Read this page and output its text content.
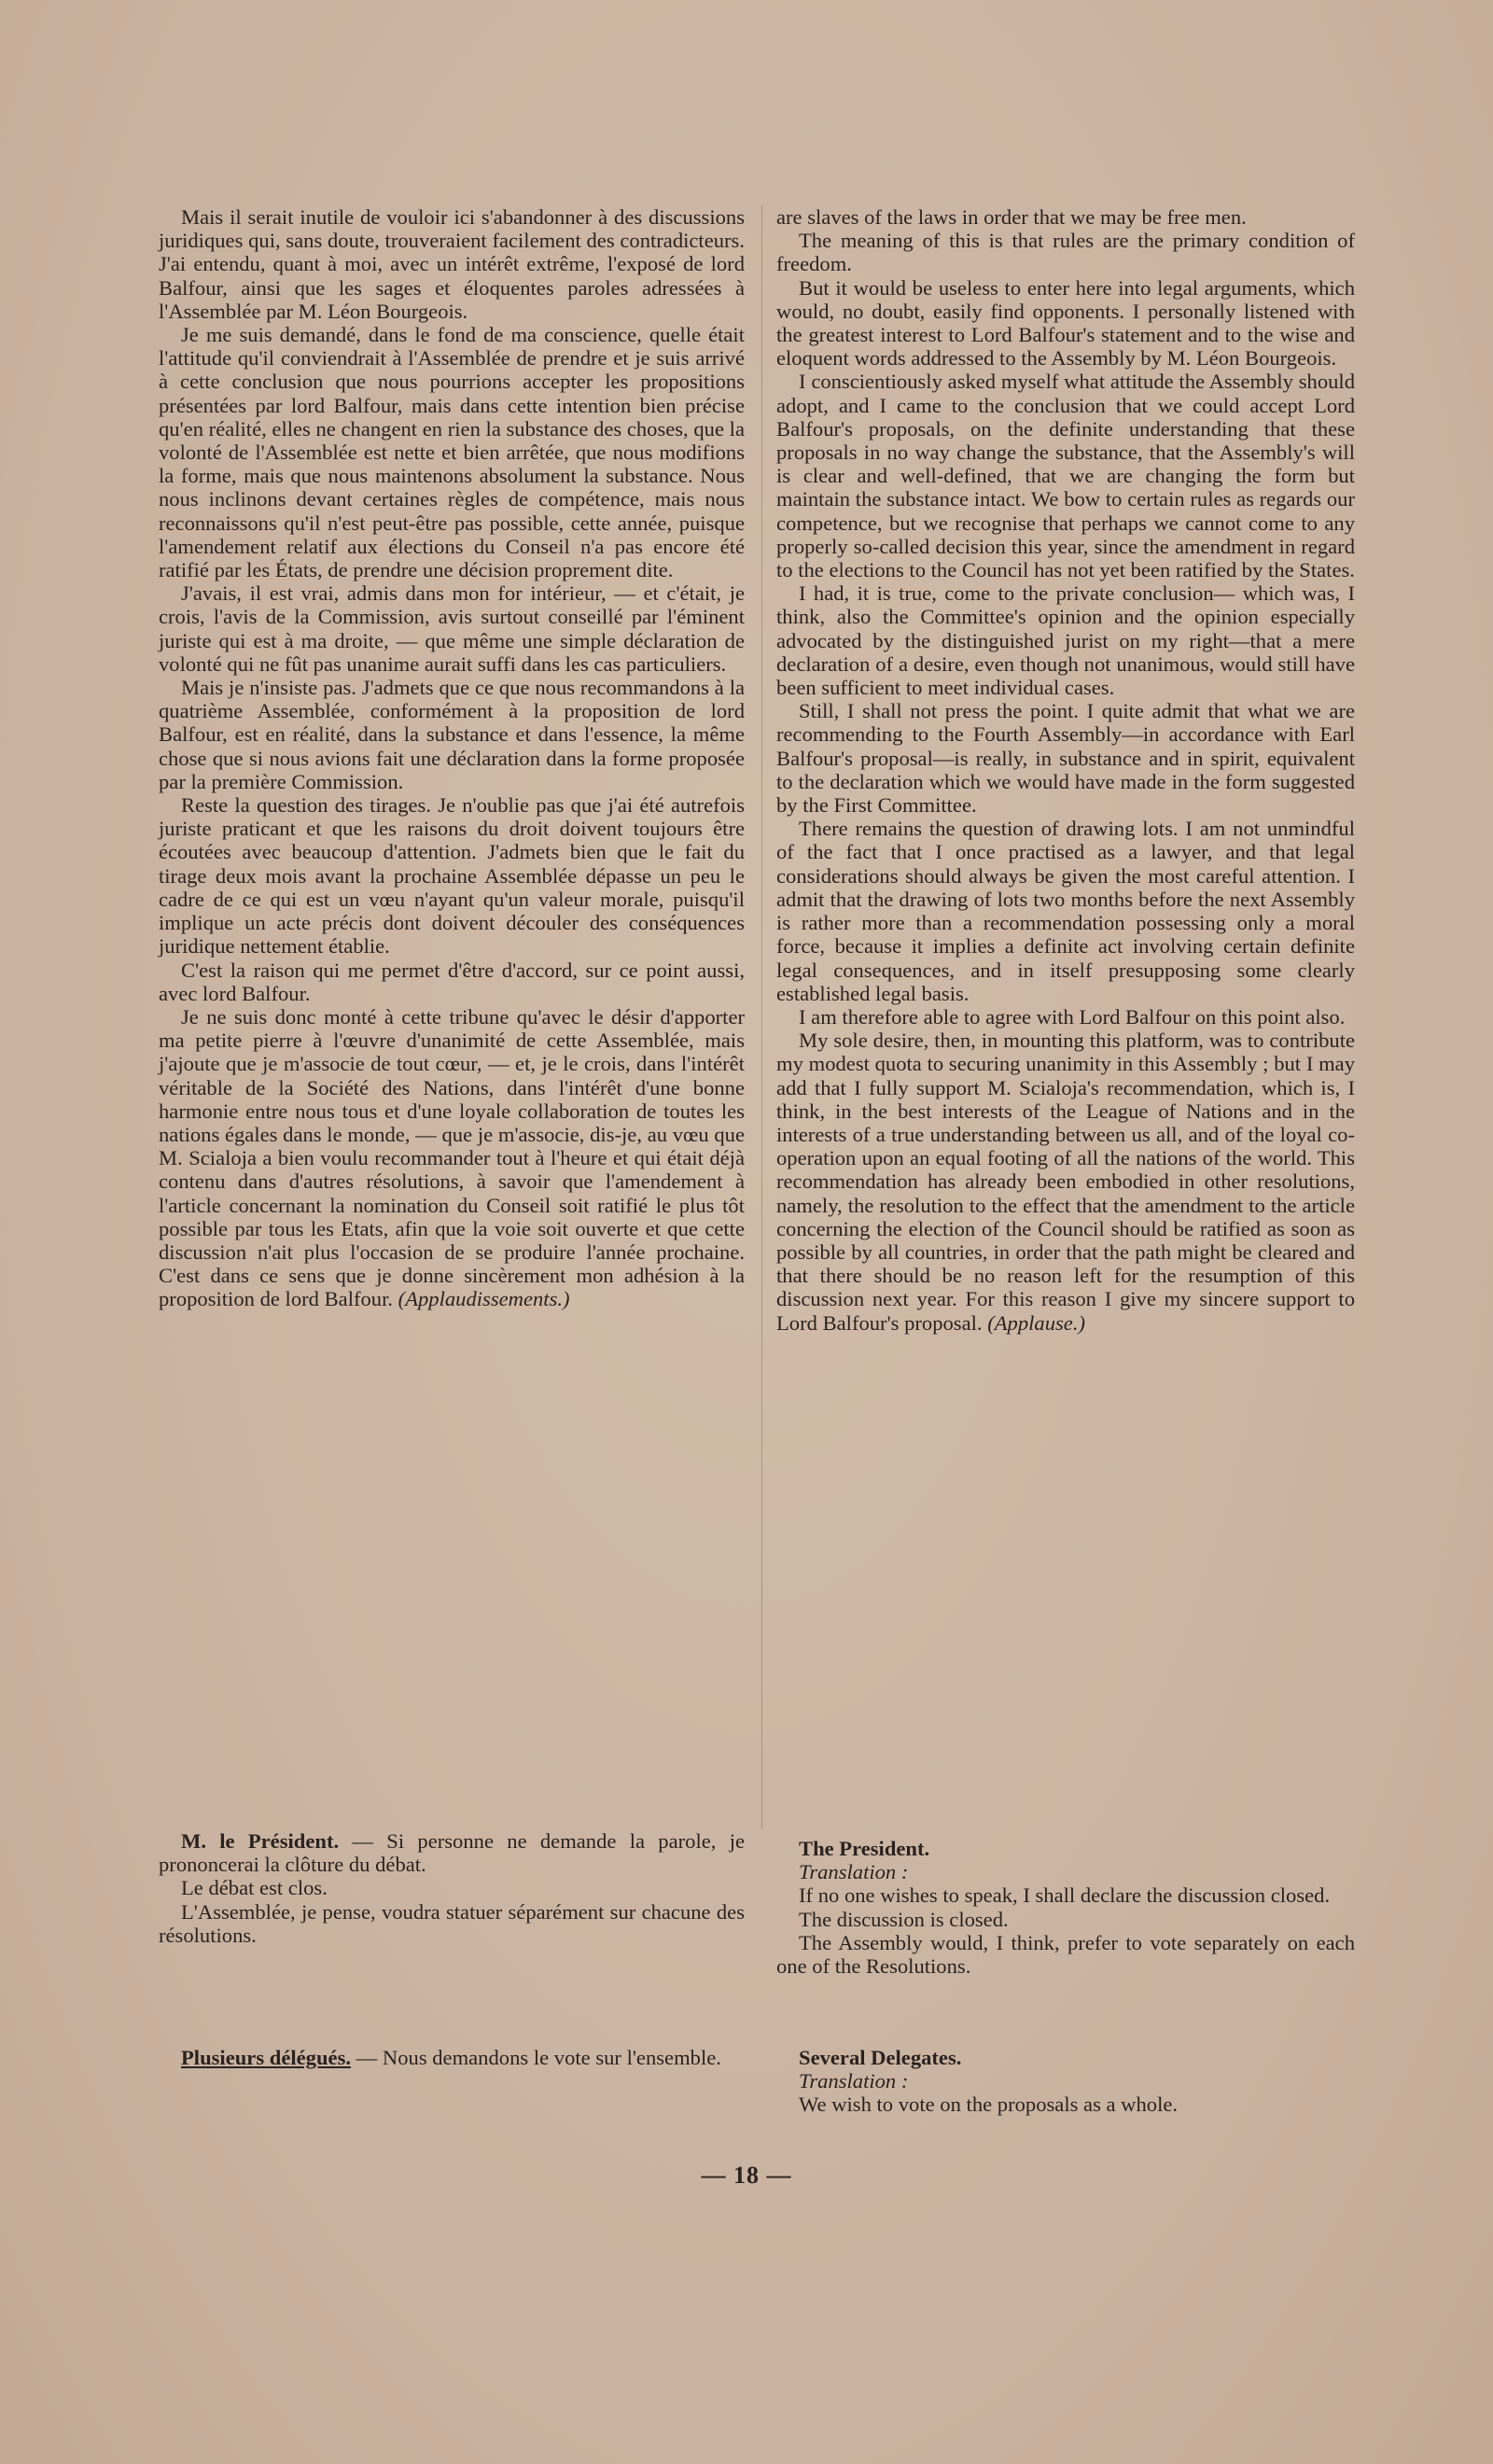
Mais il serait inutile de vouloir ici s'abandonner à des discussions juridiques qui, sans doute, trouveraient facilement des contradicteurs. J'ai entendu, quant à moi, avec un intérêt extrême, l'exposé de lord Balfour, ainsi que les sages et éloquentes paroles adressées à l'Assemblée par M. Léon Bourgeois.

Je me suis demandé, dans le fond de ma conscience, quelle était l'attitude qu'il conviendrait à l'Assemblée de prendre et je suis arrivé à cette conclusion que nous pourrions accepter les propositions présentées par lord Balfour, mais dans cette intention bien précise qu'en réalité, elles ne changent en rien la substance des choses, que la volonté de l'Assemblée est nette et bien arrêtée, que nous modifions la forme, mais que nous maintenons absolument la substance. Nous nous inclinons devant certaines règles de compétence, mais nous reconnaissons qu'il n'est peut-être pas possible, cette année, puisque l'amendement relatif aux élections du Conseil n'a pas encore été ratifié par les États, de prendre une décision proprement dite.

J'avais, il est vrai, admis dans mon for intérieur, — et c'était, je crois, l'avis de la Commission, avis surtout conseillé par l'éminent juriste qui est à ma droite, — que même une simple déclaration de volonté qui ne fût pas unanime aurait suffi dans les cas particuliers.

Mais je n'insiste pas. J'admets que ce que nous recommandons à la quatrième Assemblée, conformément à la proposition de lord Balfour, est en réalité, dans la substance et dans l'essence, la même chose que si nous avions fait une déclaration dans la forme proposée par la première Commission.

Reste la question des tirages. Je n'oublie pas que j'ai été autrefois juriste praticant et que les raisons du droit doivent toujours être écoutées avec beaucoup d'attention. J'admets bien que le fait du tirage deux mois avant la prochaine Assemblée dépasse un peu le cadre de ce qui est un vœu n'ayant qu'un valeur morale, puisqu'il implique un acte précis dont doivent découler des conséquences juridique nettement établie.

C'est la raison qui me permet d'être d'accord, sur ce point aussi, avec lord Balfour.

Je ne suis donc monté à cette tribune qu'avec le désir d'apporter ma petite pierre à l'œuvre d'unanimité de cette Assemblée, mais j'ajoute que je m'associe de tout cœur, — et, je le crois, dans l'intérêt véritable de la Société des Nations, dans l'intérêt d'une bonne harmonie entre nous tous et d'une loyale collaboration de toutes les nations égales dans le monde, — que je m'associe, dis-je, au vœu que M. Scialoja a bien voulu recommander tout à l'heure et qui était déjà contenu dans d'autres résolutions, à savoir que l'amendement à l'article concernant la nomination du Conseil soit ratifié le plus tôt possible par tous les Etats, afin que la voie soit ouverte et que cette discussion n'ait plus l'occasion de se produire l'année prochaine. C'est dans ce sens que je donne sincèrement mon adhésion à la proposition de lord Balfour. (Applaudissements.)

are slaves of the laws in order that we may be free men.

The meaning of this is that rules are the primary condition of freedom.

But it would be useless to enter here into legal arguments, which would, no doubt, easily find opponents. I personally listened with the greatest interest to Lord Balfour's statement and to the wise and eloquent words addressed to the Assembly by M. Léon Bourgeois.

I conscientiously asked myself what attitude the Assembly should adopt, and I came to the conclusion that we could accept Lord Balfour's proposals, on the definite understanding that these proposals in no way change the substance, that the Assembly's will is clear and well-defined, that we are changing the form but maintain the substance intact. We bow to certain rules as regards our competence, but we recognise that perhaps we cannot come to any properly so-called decision this year, since the amendment in regard to the elections to the Council has not yet been ratified by the States.

I had, it is true, come to the private conclusion— which was, I think, also the Committee's opinion and the opinion especially advocated by the distinguished jurist on my right—that a mere declaration of a desire, even though not unanimous, would still have been sufficient to meet individual cases.

Still, I shall not press the point. I quite admit that what we are recommending to the Fourth Assembly—in accordance with Earl Balfour's proposal—is really, in substance and in spirit, equivalent to the declaration which we would have made in the form suggested by the First Committee.

There remains the question of drawing lots. I am not unmindful of the fact that I once practised as a lawyer, and that legal considerations should always be given the most careful attention. I admit that the drawing of lots two months before the next Assembly is rather more than a recommendation possessing only a moral force, because it implies a definite act involving certain definite legal consequences, and in itself presupposing some clearly established legal basis.

I am therefore able to agree with Lord Balfour on this point also.

My sole desire, then, in mounting this platform, was to contribute my modest quota to securing unanimity in this Assembly ; but I may add that I fully support M. Scialoja's recommendation, which is, I think, in the best interests of the League of Nations and in the interests of a true understanding between us all, and of the loyal co-operation upon an equal footing of all the nations of the world. This recommendation has already been embodied in other resolutions, namely, the resolution to the effect that the amendment to the article concerning the election of the Council should be ratified as soon as possible by all countries, in order that the path might be cleared and that there should be no reason left for the resumption of this discussion next year. For this reason I give my sincere support to Lord Balfour's proposal. (Applause.)

M. le Président. — Si personne ne demande la parole, je prononcerai la clôture du débat.

Le débat est clos.

L'Assemblée, je pense, voudra statuer séparément sur chacune des résolutions.

The President.

Translation :

If no one wishes to speak, I shall declare the discussion closed.

The discussion is closed.

The Assembly would, I think, prefer to vote separately on each one of the Resolutions.

Plusieurs délégués. — Nous demandons le vote sur l'ensemble.	Several Delegates.

Translation :

We wish to vote on the proposals as a whole.

— 18 —
